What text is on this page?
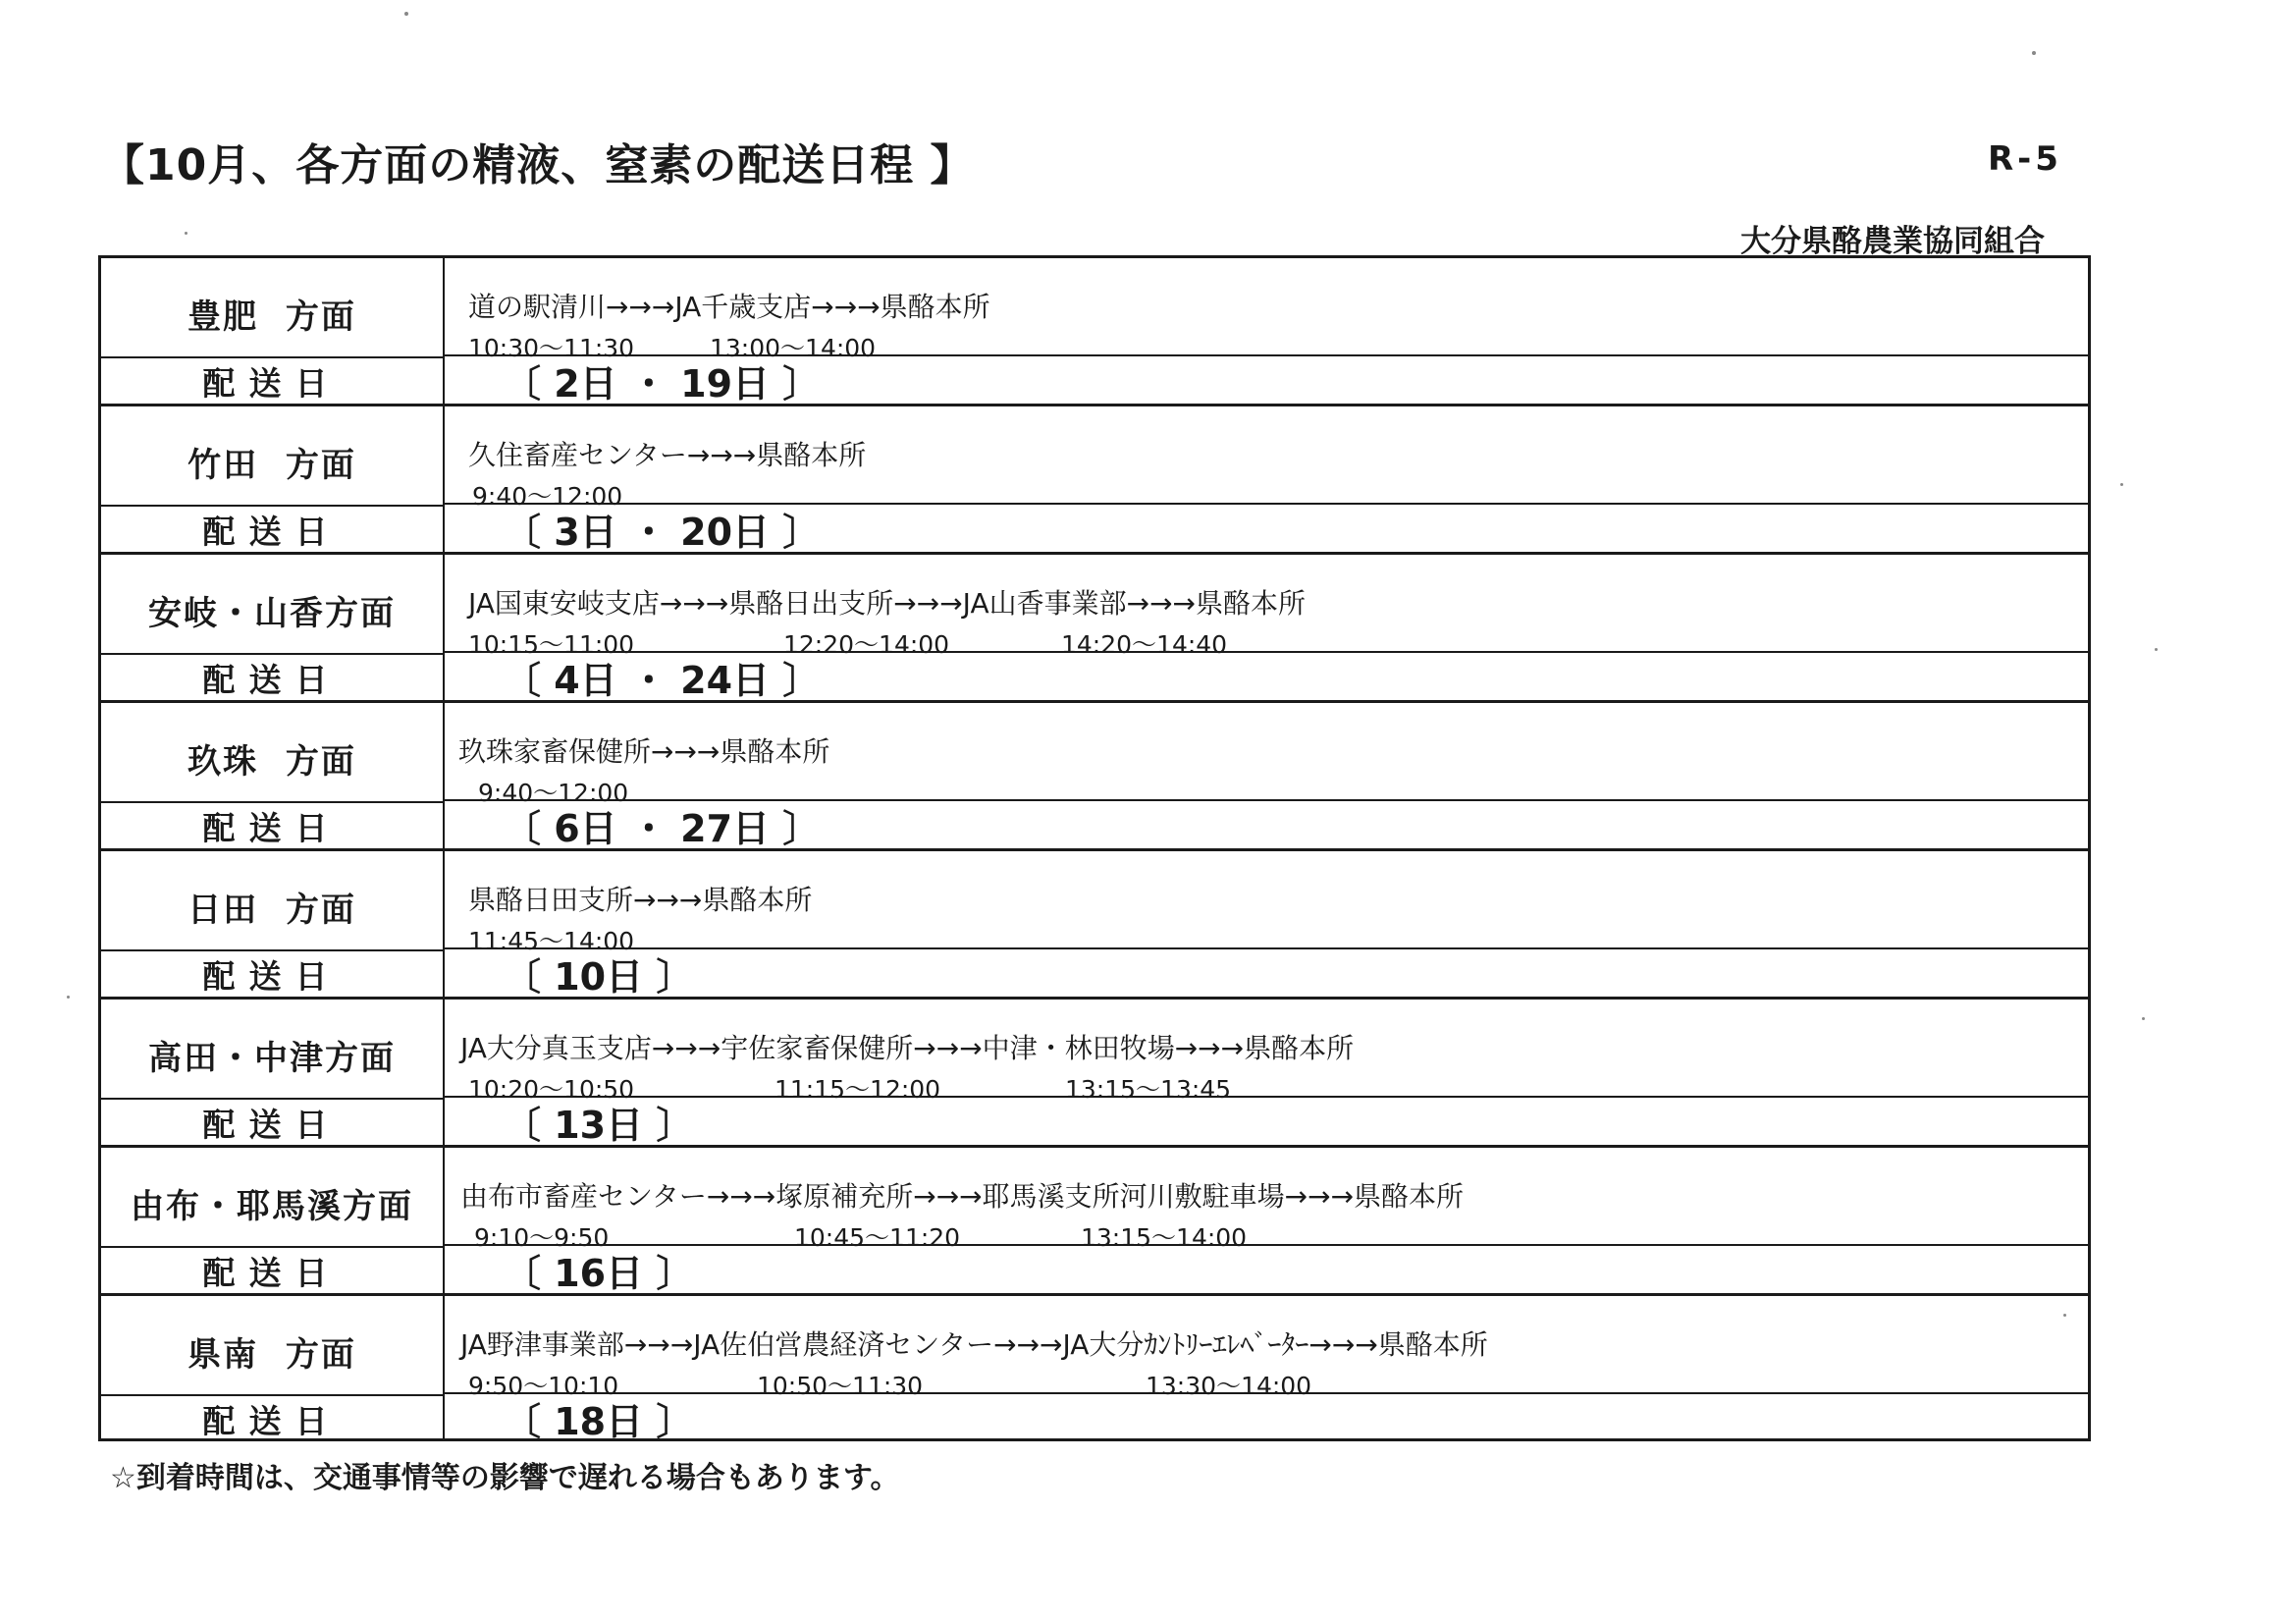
【10月、各方面の精液、窒素の配送日程 】	R-5
大分県酪農業協同組合
豊肥  方面	道の駅清川→→→JA千歳支店→→→県酪本所
10:30～11:30	13:00～14:00
配送日	〔 2日 ・ 19日 〕
竹田  方面	久住畜産センター→→→県酪本所
9:40～12:00
配送日	〔 3日 ・ 20日 〕
安岐・山香方面	JA国東安岐支店→→→県酪日出支所→→→JA山香事業部→→→県酪本所
10:15～11:00	12:20～14:00	14:20～14:40
配送日	〔 4日 ・ 24日 〕
玖珠  方面	玖珠家畜保健所→→→県酪本所
9:40～12:00
配送日	〔 6日 ・ 27日 〕
日田  方面	県酪日田支所→→→県酪本所
11:45～14:00
配送日	〔 10日 〕
高田・中津方面	JA大分真玉支店→→→宇佐家畜保健所→→→中津・林田牧場→→→県酪本所
10:20～10:50	11:15～12:00	13:15～13:45
配送日	〔 13日 〕
由布・耶馬溪方面	由布市畜産センター→→→塚原補充所→→→耶馬溪支所河川敷駐車場→→→県酪本所
9:10～9:50	10:45～11:20	13:15～14:00
配送日	〔 16日 〕
県南  方面	JA野津事業部→→→JA佐伯営農経済センター→→→JA大分ｶﾝﾄﾘｰｴﾚﾍﾞｰﾀｰ→→→県酪本所
9:50～10:10	10:50～11:30	13:30～14:00
配送日	〔 18日 〕
☆到着時間は、交通事情等の影響で遅れる場合もあります。
